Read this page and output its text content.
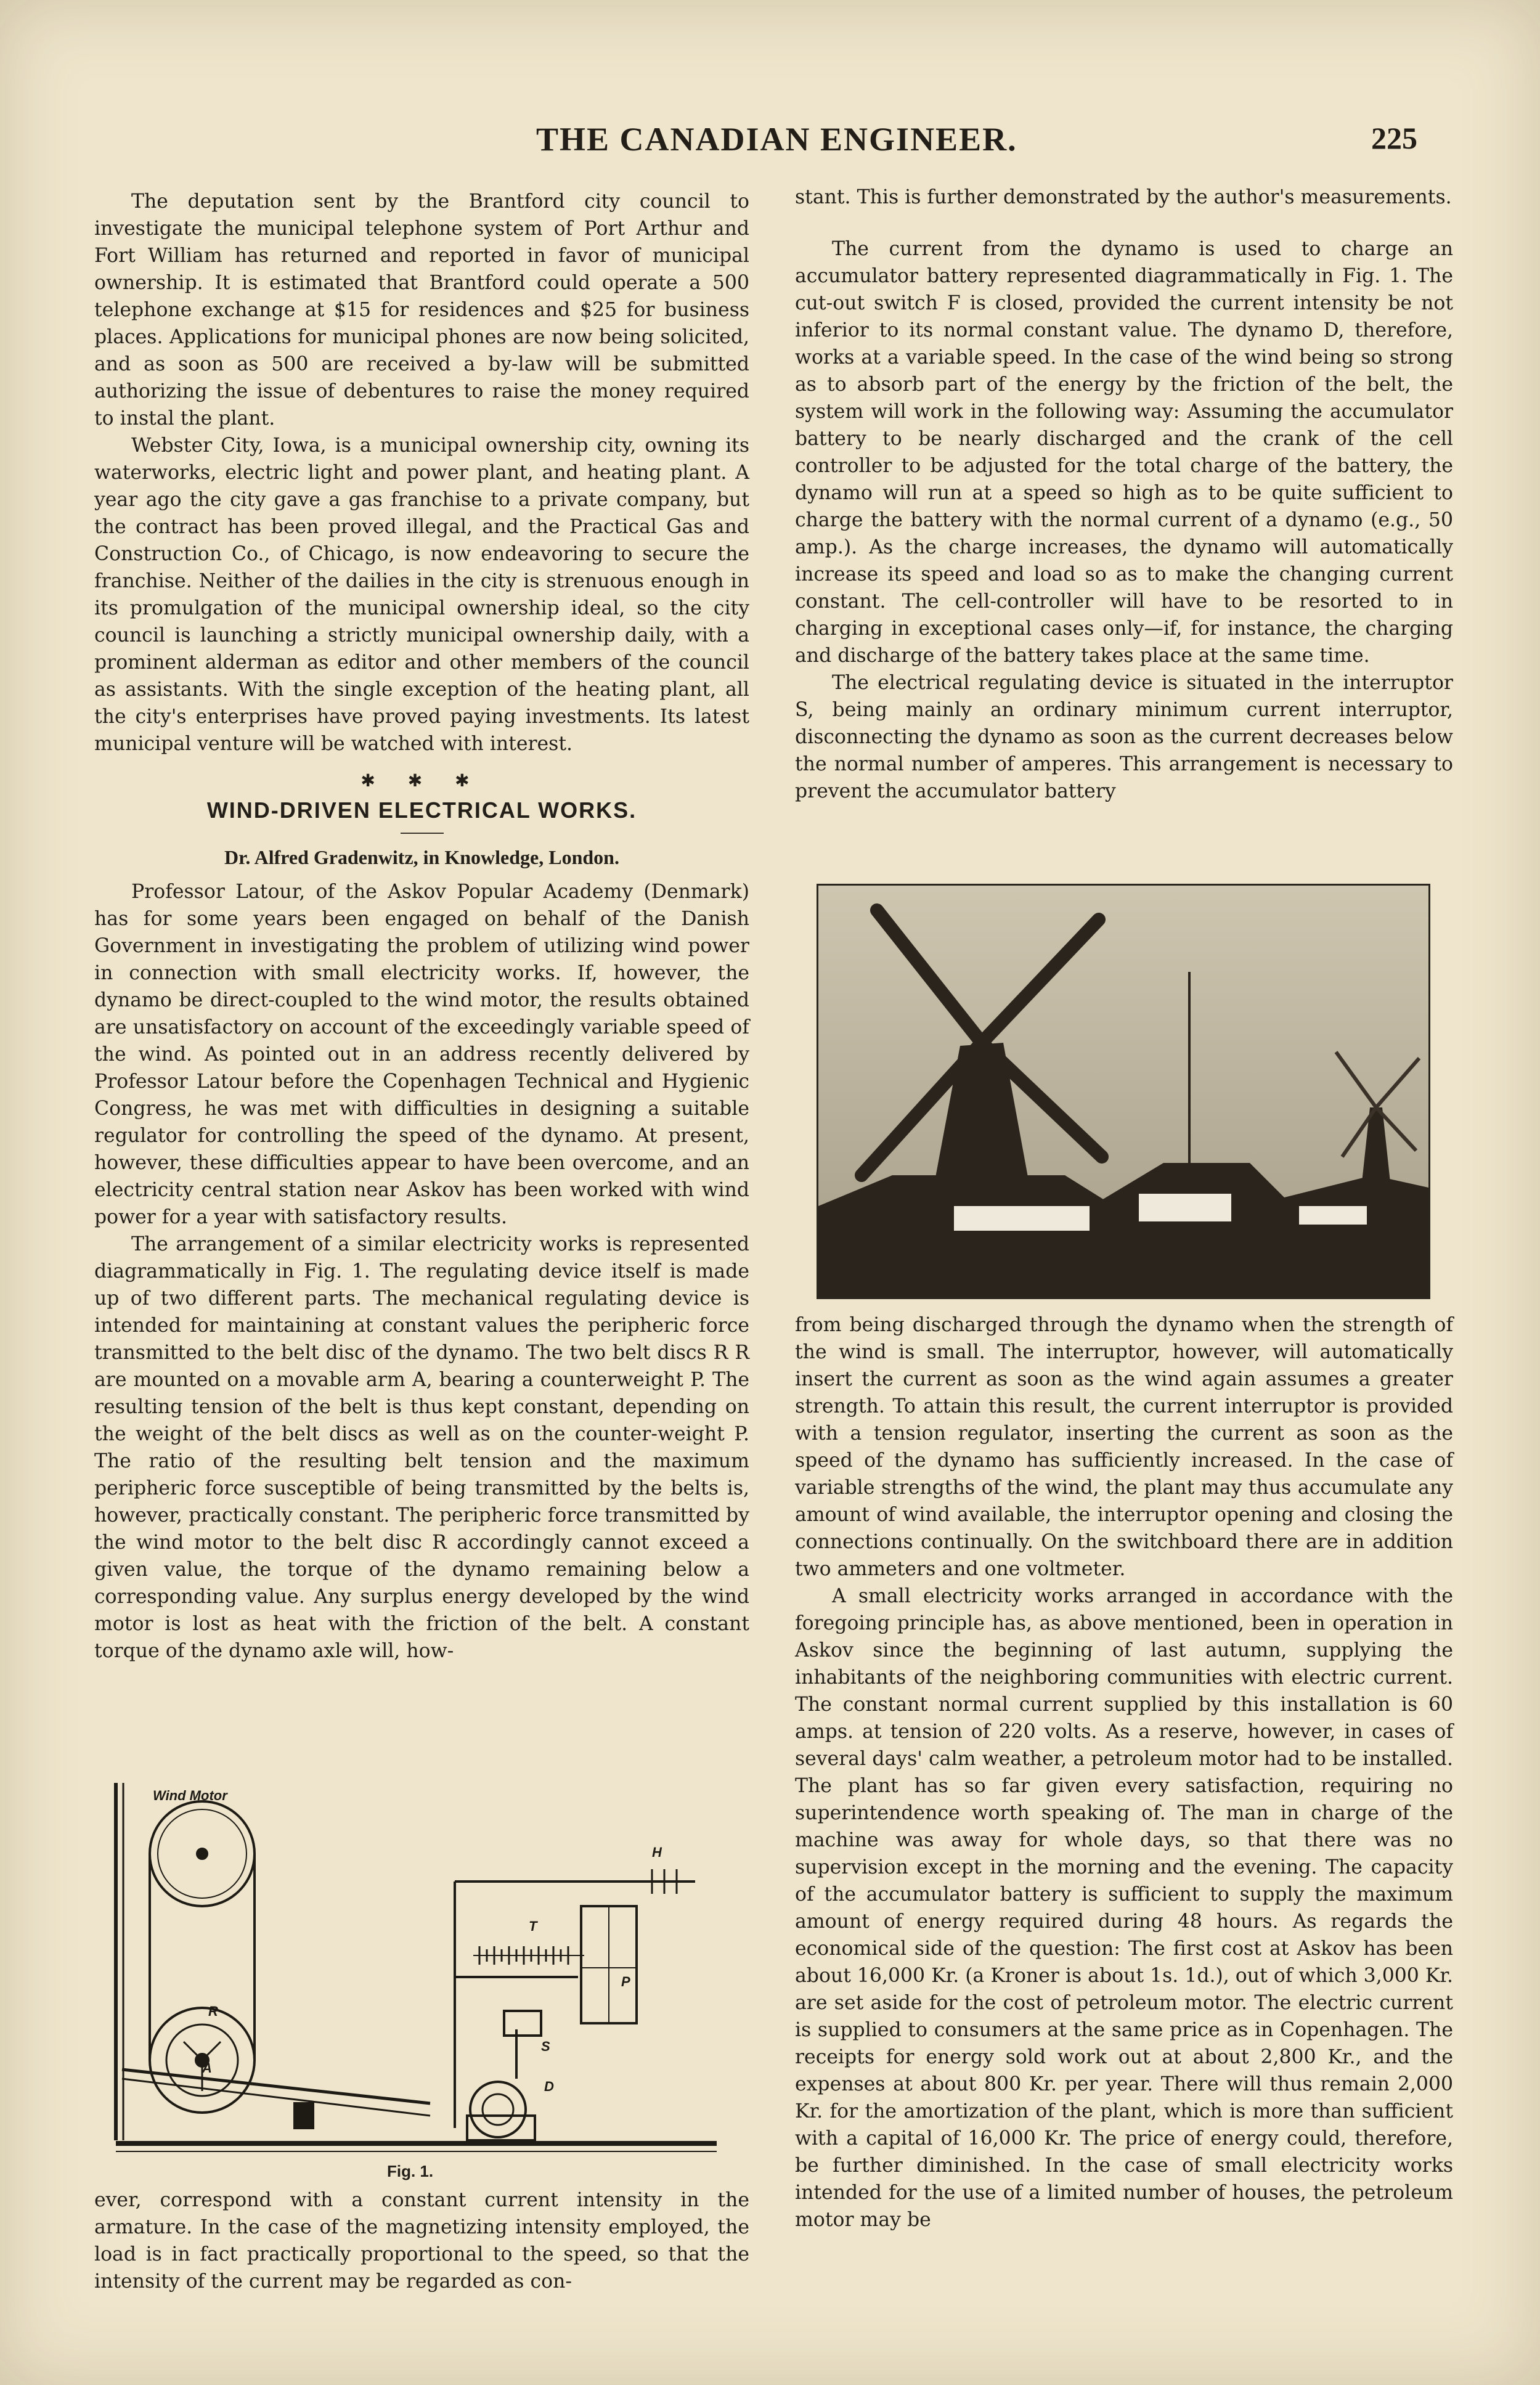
THE CANADIAN ENGINEER.	225

The deputation sent by the Brantford city council to investigate the municipal telephone system of Port Arthur and Fort William has returned and reported in favor of municipal ownership. It is estimated that Brantford could operate a 500 telephone exchange at $15 for residences and $25 for business places. Applications for municipal phones are now being solicited, and as soon as 500 are received a by-law will be submitted authorizing the issue of debentures to raise the money required to instal the plant.

Webster City, Iowa, is a municipal ownership city, owning its waterworks, electric light and power plant, and heating plant. A year ago the city gave a gas franchise to a private company, but the contract has been proved illegal, and the Practical Gas and Construction Co., of Chicago, is now endeavoring to secure the franchise. Neither of the dailies in the city is strenuous enough in its promulgation of the municipal ownership ideal, so the city council is launching a strictly municipal ownership daily, with a prominent alderman as editor and other members of the council as assistants. With the single exception of the heating plant, all the city's enterprises have proved paying investments. Its latest municipal venture will be watched with interest.

✱ ✱ ✱
WIND-DRIVEN ELECTRICAL WORKS.
Dr. Alfred Gradenwitz, in Knowledge, London.

Professor Latour, of the Askov Popular Academy (Denmark) has for some years been engaged on behalf of the Danish Government in investigating the problem of utilizing wind power in connection with small electricity works. If, however, the dynamo be direct-coupled to the wind motor, the results obtained are unsatisfactory on account of the exceedingly variable speed of the wind. As pointed out in an address recently delivered by Professor Latour before the Copenhagen Technical and Hygienic Congress, he was met with difficulties in designing a suitable regulator for controlling the speed of the dynamo. At present, however, these difficulties appear to have been overcome, and an electricity central station near Askov has been worked with wind power for a year with satisfactory results.

The arrangement of a similar electricity works is represented diagrammatically in Fig. 1. The regulating device itself is made up of two different parts. The mechanical regulating device is intended for maintaining at constant values the peripheric force transmitted to the belt disc of the dynamo. The two belt discs R R are mounted on a movable arm A, bearing a counterweight P. The resulting tension of the belt is thus kept constant, depending on the weight of the belt discs as well as on the counter-weight P. The ratio of the resulting belt tension and the maximum peripheric force susceptible of being transmitted by the belts is, however, practically constant. The peripheric force transmitted by the wind motor to the belt disc R accordingly cannot exceed a given value, the torque of the dynamo remaining below a corresponding value. Any surplus energy developed by the wind motor is lost as heat with the friction of the belt. A constant torque of the dynamo axle will, how-

Wind Motor
H
T
S
D
P
R
A
Fig. 1.

ever, correspond with a constant current intensity in the armature. In the case of the magnetizing intensity employed, the load is in fact practically proportional to the speed, so that the intensity of the current may be regarded as con-

stant. This is further demonstrated by the author's measurements.

The current from the dynamo is used to charge an accumulator battery represented diagrammatically in Fig. 1. The cut-out switch F is closed, provided the current intensity be not inferior to its normal constant value. The dynamo D, therefore, works at a variable speed. In the case of the wind being so strong as to absorb part of the energy by the friction of the belt, the system will work in the following way: Assuming the accumulator battery to be nearly discharged and the crank of the cell controller to be adjusted for the total charge of the battery, the dynamo will run at a speed so high as to be quite sufficient to charge the battery with the normal current of a dynamo (e.g., 50 amp.). As the charge increases, the dynamo will automatically increase its speed and load so as to make the changing current constant. The cell-controller will have to be resorted to in charging in exceptional cases only—if, for instance, the charging and discharge of the battery takes place at the same time.

The electrical regulating device is situated in the interruptor S, being mainly an ordinary minimum current interruptor, disconnecting the dynamo as soon as the current decreases below the normal number of amperes. This arrangement is necessary to prevent the accumulator battery

from being discharged through the dynamo when the strength of the wind is small. The interruptor, however, will automatically insert the current as soon as the wind again assumes a greater strength. To attain this result, the current interruptor is provided with a tension regulator, inserting the current as soon as the speed of the dynamo has sufficiently increased. In the case of variable strengths of the wind, the plant may thus accumulate any amount of wind available, the interruptor opening and closing the connections continually. On the switchboard there are in addition two ammeters and one voltmeter.

A small electricity works arranged in accordance with the foregoing principle has, as above mentioned, been in operation in Askov since the beginning of last autumn, supplying the inhabitants of the neighboring communities with electric current. The constant normal current supplied by this installation is 60 amps. at tension of 220 volts. As a reserve, however, in cases of several days' calm weather, a petroleum motor had to be installed. The plant has so far given every satisfaction, requiring no superintendence worth speaking of. The man in charge of the machine was away for whole days, so that there was no supervision except in the morning and the evening. The capacity of the accumulator battery is sufficient to supply the maximum amount of energy required during 48 hours. As regards the economical side of the question: The first cost at Askov has been about 16,000 Kr. (a Kroner is about 1s. 1d.), out of which 3,000 Kr. are set aside for the cost of petroleum motor. The electric current is supplied to consumers at the same price as in Copenhagen. The receipts for energy sold work out at about 2,800 Kr., and the expenses at about 800 Kr. per year. There will thus remain 2,000 Kr. for the amortization of the plant, which is more than sufficient with a capital of 16,000 Kr. The price of energy could, therefore, be further diminished. In the case of small electricity works intended for the use of a limited number of houses, the petroleum motor may be
